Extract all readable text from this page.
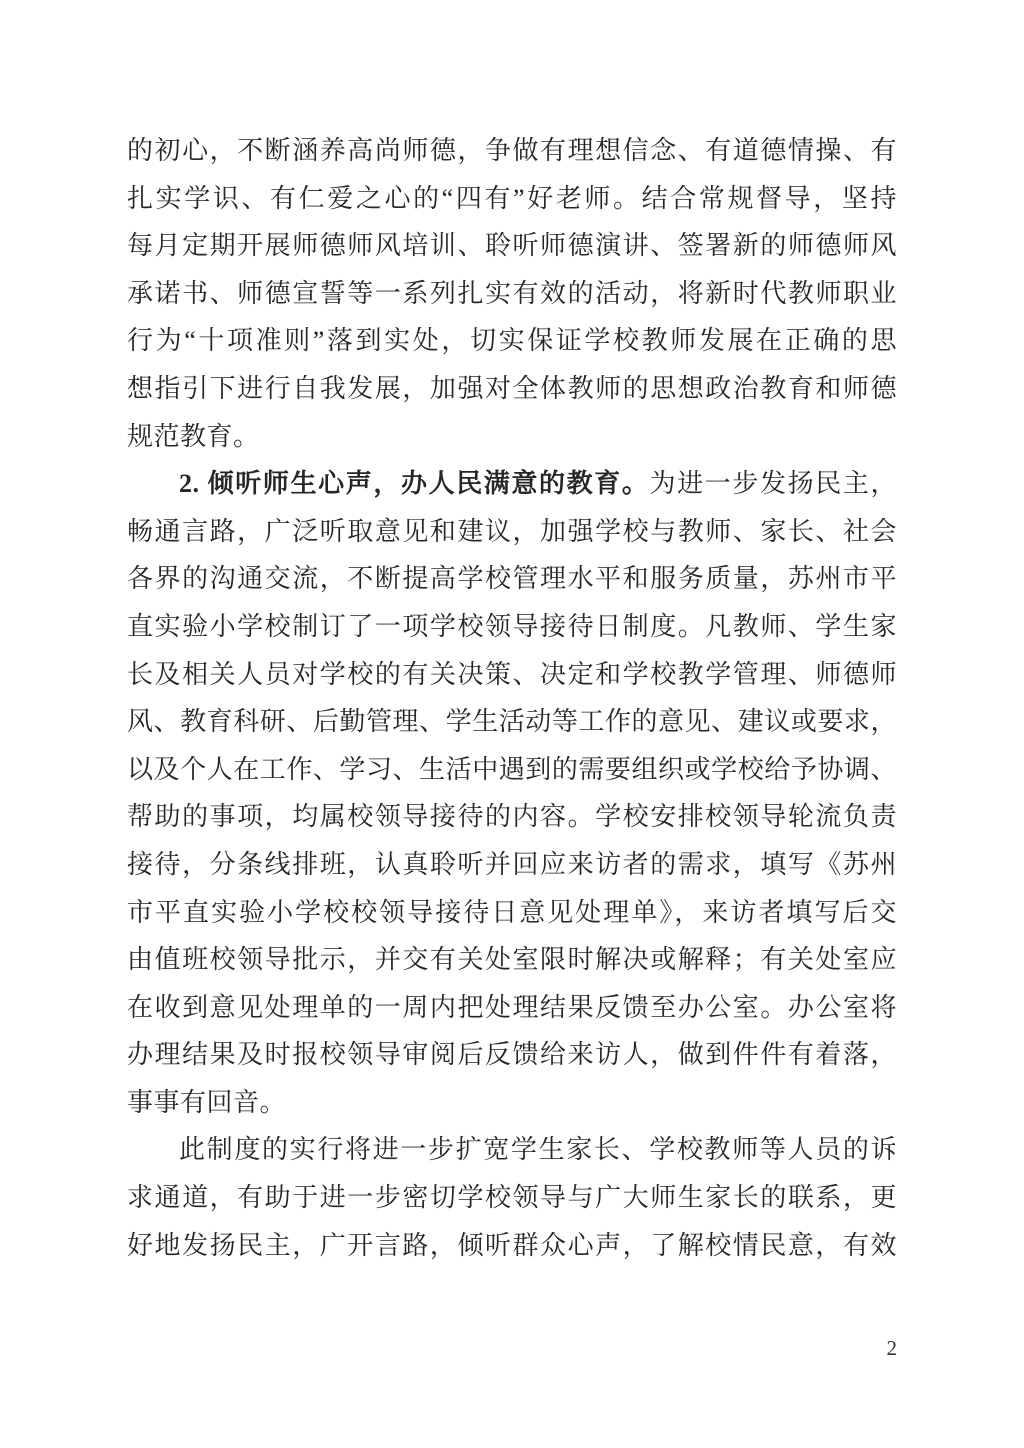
的初心，不断涵养高尚师德，争做有理想信念、有道德情操、有
扎实学识、有仁爱之心的“四有”好老师。结合常规督导，坚持
每月定期开展师德师风培训、聆听师德演讲、签署新的师德师风
承诺书、师德宣誓等一系列扎实有效的活动，将新时代教师职业
行为“十项准则”落到实处，切实保证学校教师发展在正确的思
想指引下进行自我发展，加强对全体教师的思想政治教育和师德
规范教育。
2. 倾听师生心声，办人民满意的教育。为进一步发扬民主，
畅通言路，广泛听取意见和建议，加强学校与教师、家长、社会
各界的沟通交流，不断提高学校管理水平和服务质量，苏州市平
直实验小学校制订了一项学校领导接待日制度。凡教师、学生家
长及相关人员对学校的有关决策、决定和学校教学管理、师德师
风、教育科研、后勤管理、学生活动等工作的意见、建议或要求，
以及个人在工作、学习、生活中遇到的需要组织或学校给予协调、
帮助的事项，均属校领导接待的内容。学校安排校领导轮流负责
接待，分条线排班，认真聆听并回应来访者的需求，填写《苏州
市平直实验小学校校领导接待日意见处理单》，来访者填写后交
由值班校领导批示，并交有关处室限时解决或解释；有关处室应
在收到意见处理单的一周内把处理结果反馈至办公室。办公室将
办理结果及时报校领导审阅后反馈给来访人，做到件件有着落，
事事有回音。
此制度的实行将进一步扩宽学生家长、学校教师等人员的诉
求通道，有助于进一步密切学校领导与广大师生家长的联系，更
好地发扬民主，广开言路，倾听群众心声，了解校情民意，有效
2
